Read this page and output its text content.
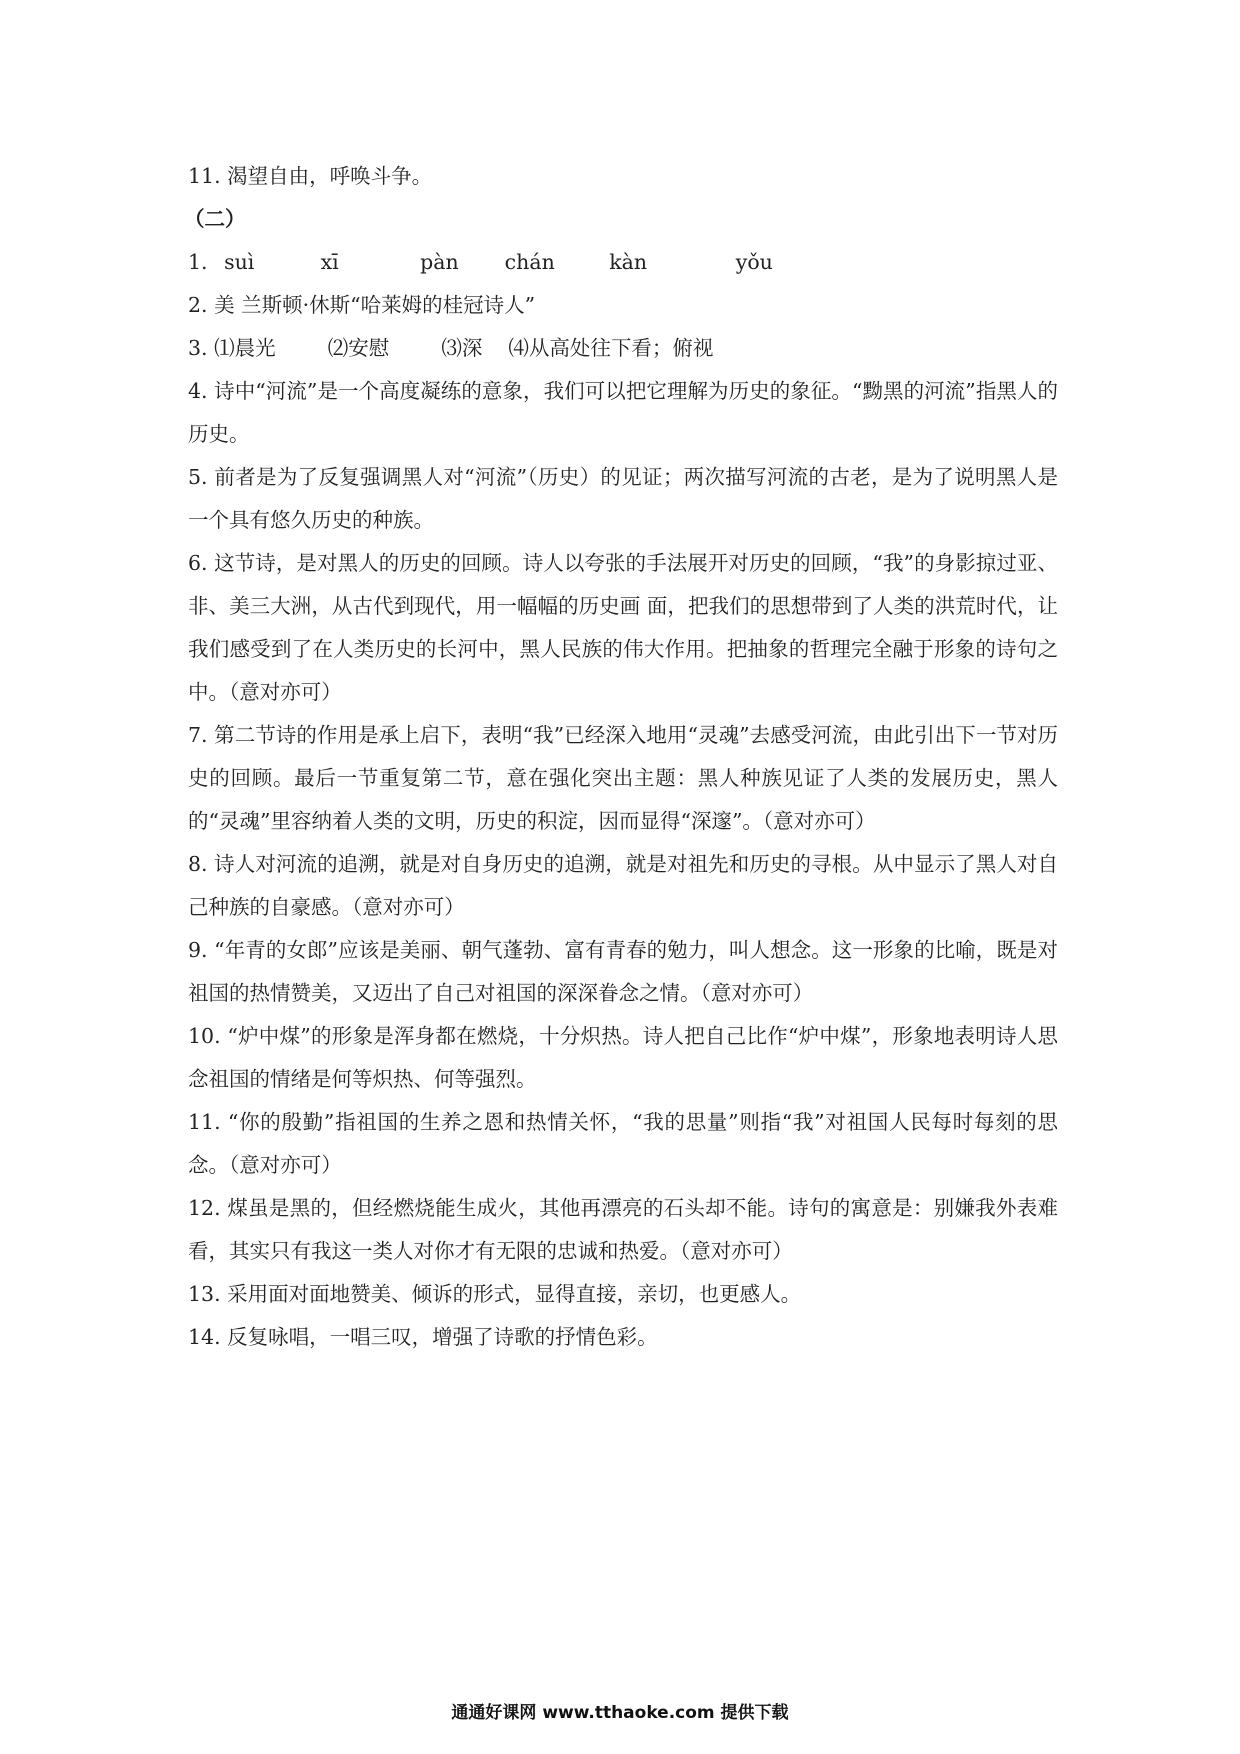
11. 渴望自由，呼唤斗争。
（二）
1. suì	xī	pàn chán	kàn	yǒu
2. 美 兰斯顿·休斯“哈莱姆的桂冠诗人”
3. ⑴晨光        ⑵安慰        ⑶深    ⑷从高处往下看；俯视
4. 诗中“河流”是一个高度凝练的意象，我们可以把它理解为历史的象征。“黝黑的河流”指黑人的历史。
5. 前者是为了反复强调黑人对“河流”（历史）的见证；两次描写河流的古老，是为了说明黑人是一个具有悠久历史的种族。
6. 这节诗，是对黑人的历史的回顾。诗人以夸张的手法展开对历史的回顾，“我”的身影掠过亚、非、美三大洲，从古代到现代，用一幅幅的历史画 面，把我们的思想带到了人类的洪荒时代，让我们感受到了在人类历史的长河中，黑人民族的伟大作用。把抽象的哲理完全融于形象的诗句之中。（意对亦可）
7. 第二节诗的作用是承上启下，表明“我”已经深入地用“灵魂”去感受河流，由此引出下一节对历史的回顾。最后一节重复第二节，意在强化突出主题：黑人种族见证了人类的发展历史，黑人的“灵魂”里容纳着人类的文明，历史的积淀，因而显得“深邃”。（意对亦可）
8. 诗人对河流的追溯，就是对自身历史的追溯，就是对祖先和历史的寻根。从中显示了黑人对自己种族的自豪感。（意对亦可）
9. “年青的女郎”应该是美丽、朝气蓬勃、富有青春的勉力，叫人想念。这一形象的比喻，既是对祖国的热情赞美，又迈出了自己对祖国的深深眷念之情。（意对亦可）
10. “炉中煤”的形象是浑身都在燃烧，十分炽热。诗人把自己比作“炉中煤”，形象地表明诗人思念祖国的情绪是何等炽热、何等强烈。
11. “你的殷勤”指祖国的生养之恩和热情关怀，“我的思量”则指“我”对祖国人民每时每刻的思念。（意对亦可）
12. 煤虽是黑的，但经燃烧能生成火，其他再漂亮的石头却不能。诗句的寓意是：别嫌我外表难看，其实只有我这一类人对你才有无限的忠诚和热爱。（意对亦可）
13. 采用面对面地赞美、倾诉的形式，显得直接，亲切，也更感人。
14. 反复咏唱，一唱三叹，增强了诗歌的抒情色彩。
通通好课网 www.tthaoke.com 提供下载
